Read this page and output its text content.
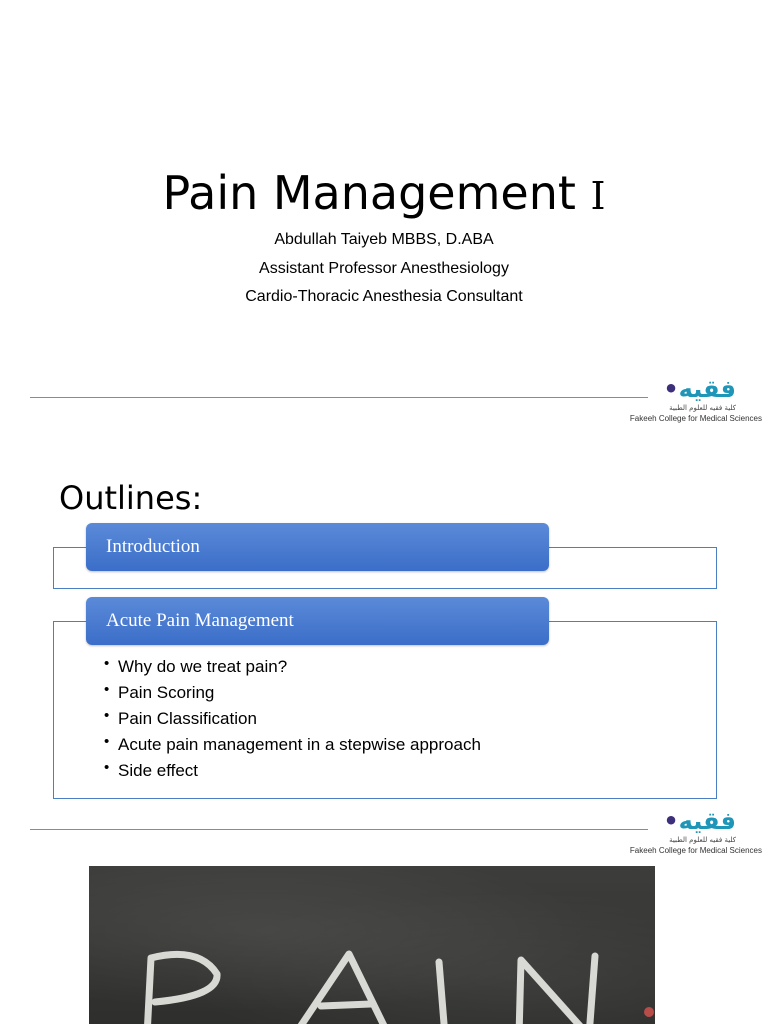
Pain Management I
Abdullah Taiyeb MBBS, D.ABA
Assistant Professor Anesthesiology
Cardio-Thoracic Anesthesia Consultant
•فقيه
كلية فقيه للعلوم الطبية
Fakeeh College for Medical Sciences
Outlines:
Introduction
Acute Pain Management
• Why do we treat pain?
• Pain Scoring
• Pain Classification
• Acute pain management in a stepwise approach
• Side effect
•فقيه
كلية فقيه للعلوم الطبية
Fakeeh College for Medical Sciences
